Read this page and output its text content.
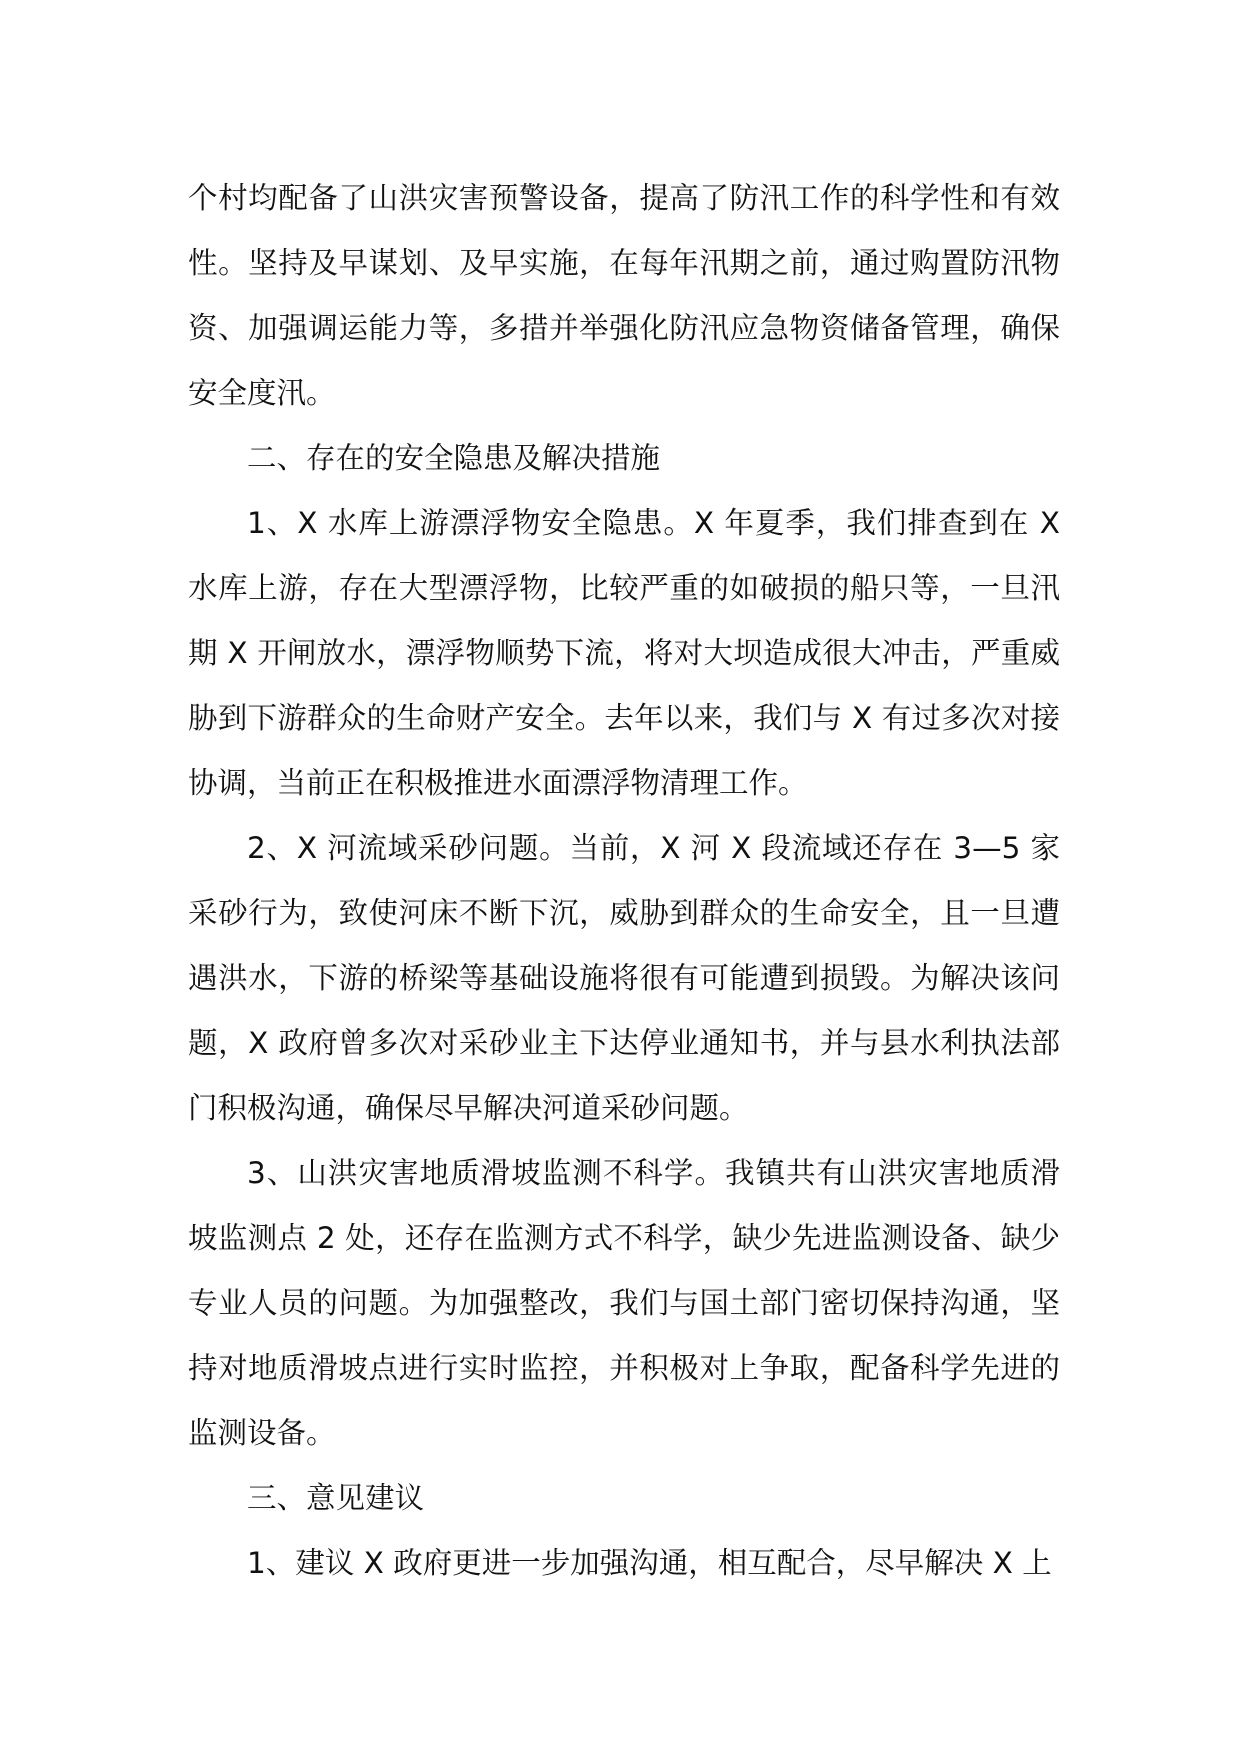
个村均配备了山洪灾害预警设备，提高了防汛工作的科学性和有效性。坚持及早谋划、及早实施，在每年汛期之前，通过购置防汛物资、加强调运能力等，多措并举强化防汛应急物资储备管理，确保安全度汛。

二、存在的安全隐患及解决措施

1、X 水库上游漂浮物安全隐患。X 年夏季，我们排查到在 X 水库上游，存在大型漂浮物，比较严重的如破损的船只等，一旦汛期 X 开闸放水，漂浮物顺势下流，将对大坝造成很大冲击，严重威胁到下游群众的生命财产安全。去年以来，我们与 X 有过多次对接协调，当前正在积极推进水面漂浮物清理工作。

2、X 河流域采砂问题。当前，X 河 X 段流域还存在 3—5 家采砂行为，致使河床不断下沉，威胁到群众的生命安全，且一旦遭遇洪水，下游的桥梁等基础设施将很有可能遭到损毁。为解决该问题，X 政府曾多次对采砂业主下达停业通知书，并与县水利执法部门积极沟通，确保尽早解决河道采砂问题。

3、山洪灾害地质滑坡监测不科学。我镇共有山洪灾害地质滑坡监测点 2 处，还存在监测方式不科学，缺少先进监测设备、缺少专业人员的问题。为加强整改，我们与国土部门密切保持沟通，坚持对地质滑坡点进行实时监控，并积极对上争取，配备科学先进的监测设备。

三、意见建议

1、建议 X 政府更进一步加强沟通，相互配合，尽早解决 X 上
